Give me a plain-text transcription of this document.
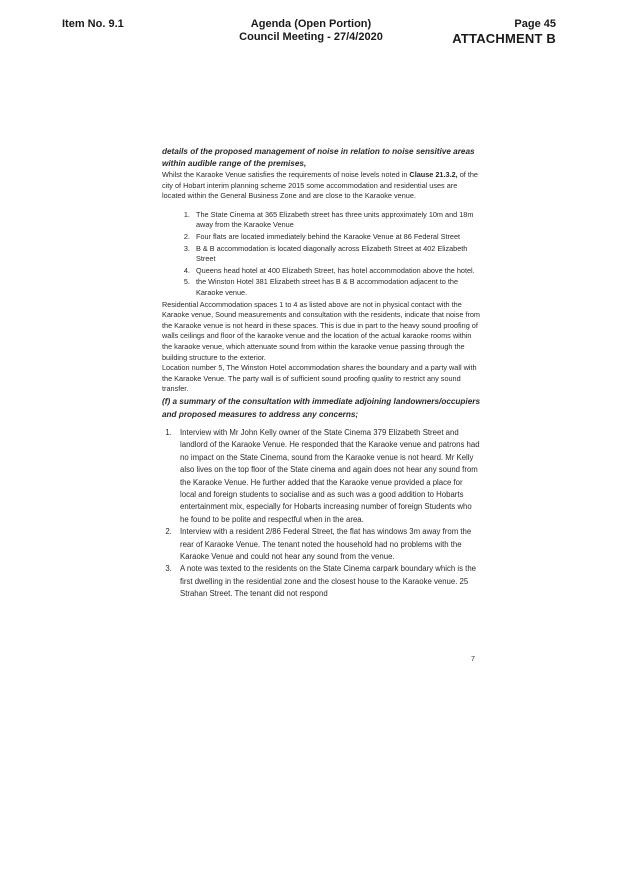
Item No. 9.1	Agenda (Open Portion)
Council Meeting - 27/4/2020
Page 45
ATTACHMENT B

details of the proposed management of noise in relation to noise sensitive areas within audible range of the premises,

Whilst the Karaoke Venue satisfies the requirements of noise levels noted in Clause 21.3.2, of the city of Hobart interim planning scheme 2015 some accommodation and residential uses are located within the General Business Zone and are close to the Karaoke venue.

1. The State Cinema at 365 Elizabeth street has three units approximately 10m and 18m away from the Karaoke Venue
2. Four flats are located immediately behind the Karaoke Venue at 86 Federal Street
3. B & B accommodation is located diagonally across Elizabeth Street at 402 Elizabeth Street
4. Queens head hotel at 400 Elizabeth Street, has hotel accommodation above the hotel.
5. the Winston Hotel 381 Elizabeth street has B & B accommodation adjacent to the Karaoke venue.

Residential Accommodation spaces 1 to 4 as listed above are not in physical contact with the Karaoke venue, Sound measurements and consultation with the residents, indicate that noise from the Karaoke venue is not heard in these spaces. This is due in part to the heavy sound proofing of walls ceilings and floor of the karaoke venue and the location of the actual karaoke rooms within the karaoke venue, which attenuate sound from within the karaoke venue passing through the building structure to the exterior.

Location number 5, The Winston Hotel accommodation shares the boundary and a party wall with the Karaoke Venue. The party wall is of sufficient sound proofing quality to restrict any sound transfer.

(f) a summary of the consultation with immediate adjoining landowners/occupiers and proposed measures to address any concerns;

1. Interview with Mr John Kelly owner of the State Cinema 379 Elizabeth Street and landlord of the Karaoke Venue. He responded that the Karaoke venue and patrons had no impact on the State Cinema, sound from the Karaoke venue is not heard. Mr Kelly also lives on the top floor of the State cinema and again does not hear any sound from the Karaoke Venue. He further added that the Karaoke venue provided a place for local and foreign students to socialise and as such was a good addition to Hobarts entertainment mix, especially for Hobarts increasing number of foreign Students who he found to be polite and respectful when in the area.
2. Interview with a resident 2/86 Federal Street, the flat has windows 3m away from the rear of Karaoke Venue. The tenant noted the household had no problems with the Karaoke Venue and could not hear any sound from the venue.
3. A note was texted to the residents on the State Cinema carpark boundary which is the first dwelling in the residential zone and the closest house to the Karaoke venue. 25 Strahan Street. The tenant did not respond
7
